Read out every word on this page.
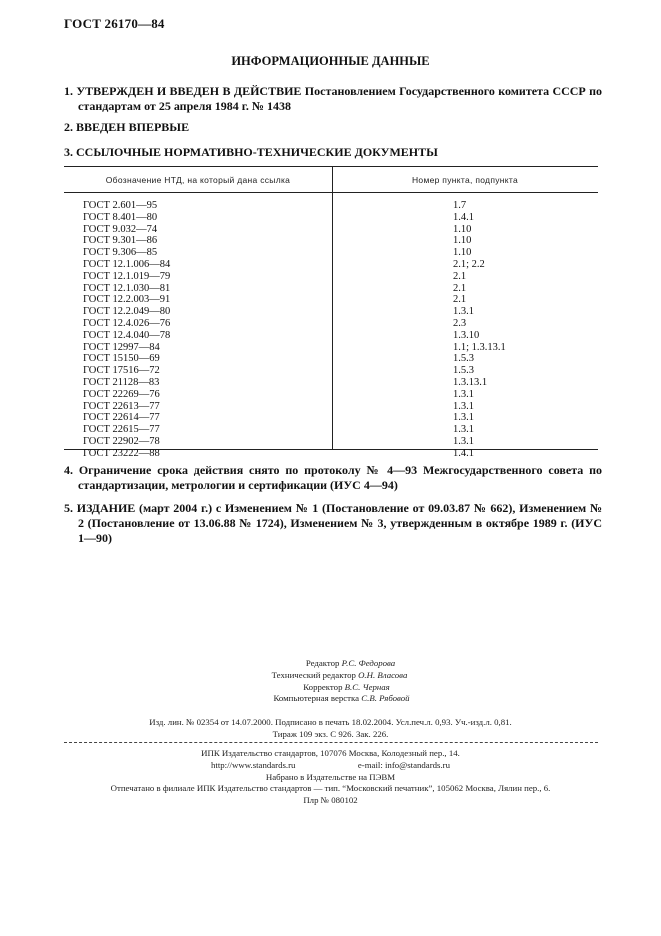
ГОСТ 26170—84
ИНФОРМАЦИОННЫЕ ДАННЫЕ
1. УТВЕРЖДЕН И ВВЕДЕН В ДЕЙСТВИЕ Постановлением Государственного комитета СССР по
стандартам от 25 апреля 1984 г. № 1438
2. ВВЕДЕН ВПЕРВЫЕ
3. ССЫЛОЧНЫЕ НОРМАТИВНО-ТЕХНИЧЕСКИЕ ДОКУМЕНТЫ
Обозначение НТД, на который дана ссылка	Номер пункта, подпункта
ГОСТ 2.601—95	1.7
ГОСТ 8.401—80	1.4.1
ГОСТ 9.032—74	1.10
ГОСТ 9.301—86	1.10
ГОСТ 9.306—85	1.10
ГОСТ 12.1.006—84	2.1; 2.2
ГОСТ 12.1.019—79	2.1
ГОСТ 12.1.030—81	2.1
ГОСТ 12.2.003—91	2.1
ГОСТ 12.2.049—80	1.3.1
ГОСТ 12.4.026—76	2.3
ГОСТ 12.4.040—78	1.3.10
ГОСТ 12997—84	1.1; 1.3.13.1
ГОСТ 15150—69	1.5.3
ГОСТ 17516—72	1.5.3
ГОСТ 21128—83	1.3.13.1
ГОСТ 22269—76	1.3.1
ГОСТ 22613—77	1.3.1
ГОСТ 22614—77	1.3.1
ГОСТ 22615—77	1.3.1
ГОСТ 22902—78	1.3.1
ГОСТ 23222—88	1.4.1
4. Ограничение срока действия снято по протоколу № 4—93 Межгосударственного совета по
стандартизации, метрологии и сертификации (ИУС 4—94)
5. ИЗДАНИЕ (март 2004 г.) с Изменением № 1 (Постановление от 09.03.87 № 662), Изменением №
2 (Постановление от 13.06.88 № 1724), Изменением № 3, утвержденным в октябре 1989 г. (ИУС
1—90)
Редактор Р.С. Федорова
Технический редактор О.Н. Власова
Корректор В.С. Черная
Компьютерная верстка С.В. Рябовой
Изд. лин. № 02354 от 14.07.2000. Подписано в печать 18.02.2004. Усл.печ.л. 0,93. Уч.-изд.л. 0,81.
Тираж 109 экз. С 926. Зак. 226.
ИПК Издательство стандартов, 107076 Москва, Колодезный пер., 14.
http://www.standards.ru	e-mail: info@standards.ru
Набрано в Издательстве на ПЭВМ
Отпечатано в филиале ИПК Издательство стандартов — тип. “Московский печатник”, 105062 Москва, Лялин пер., 6.
Плр № 080102
